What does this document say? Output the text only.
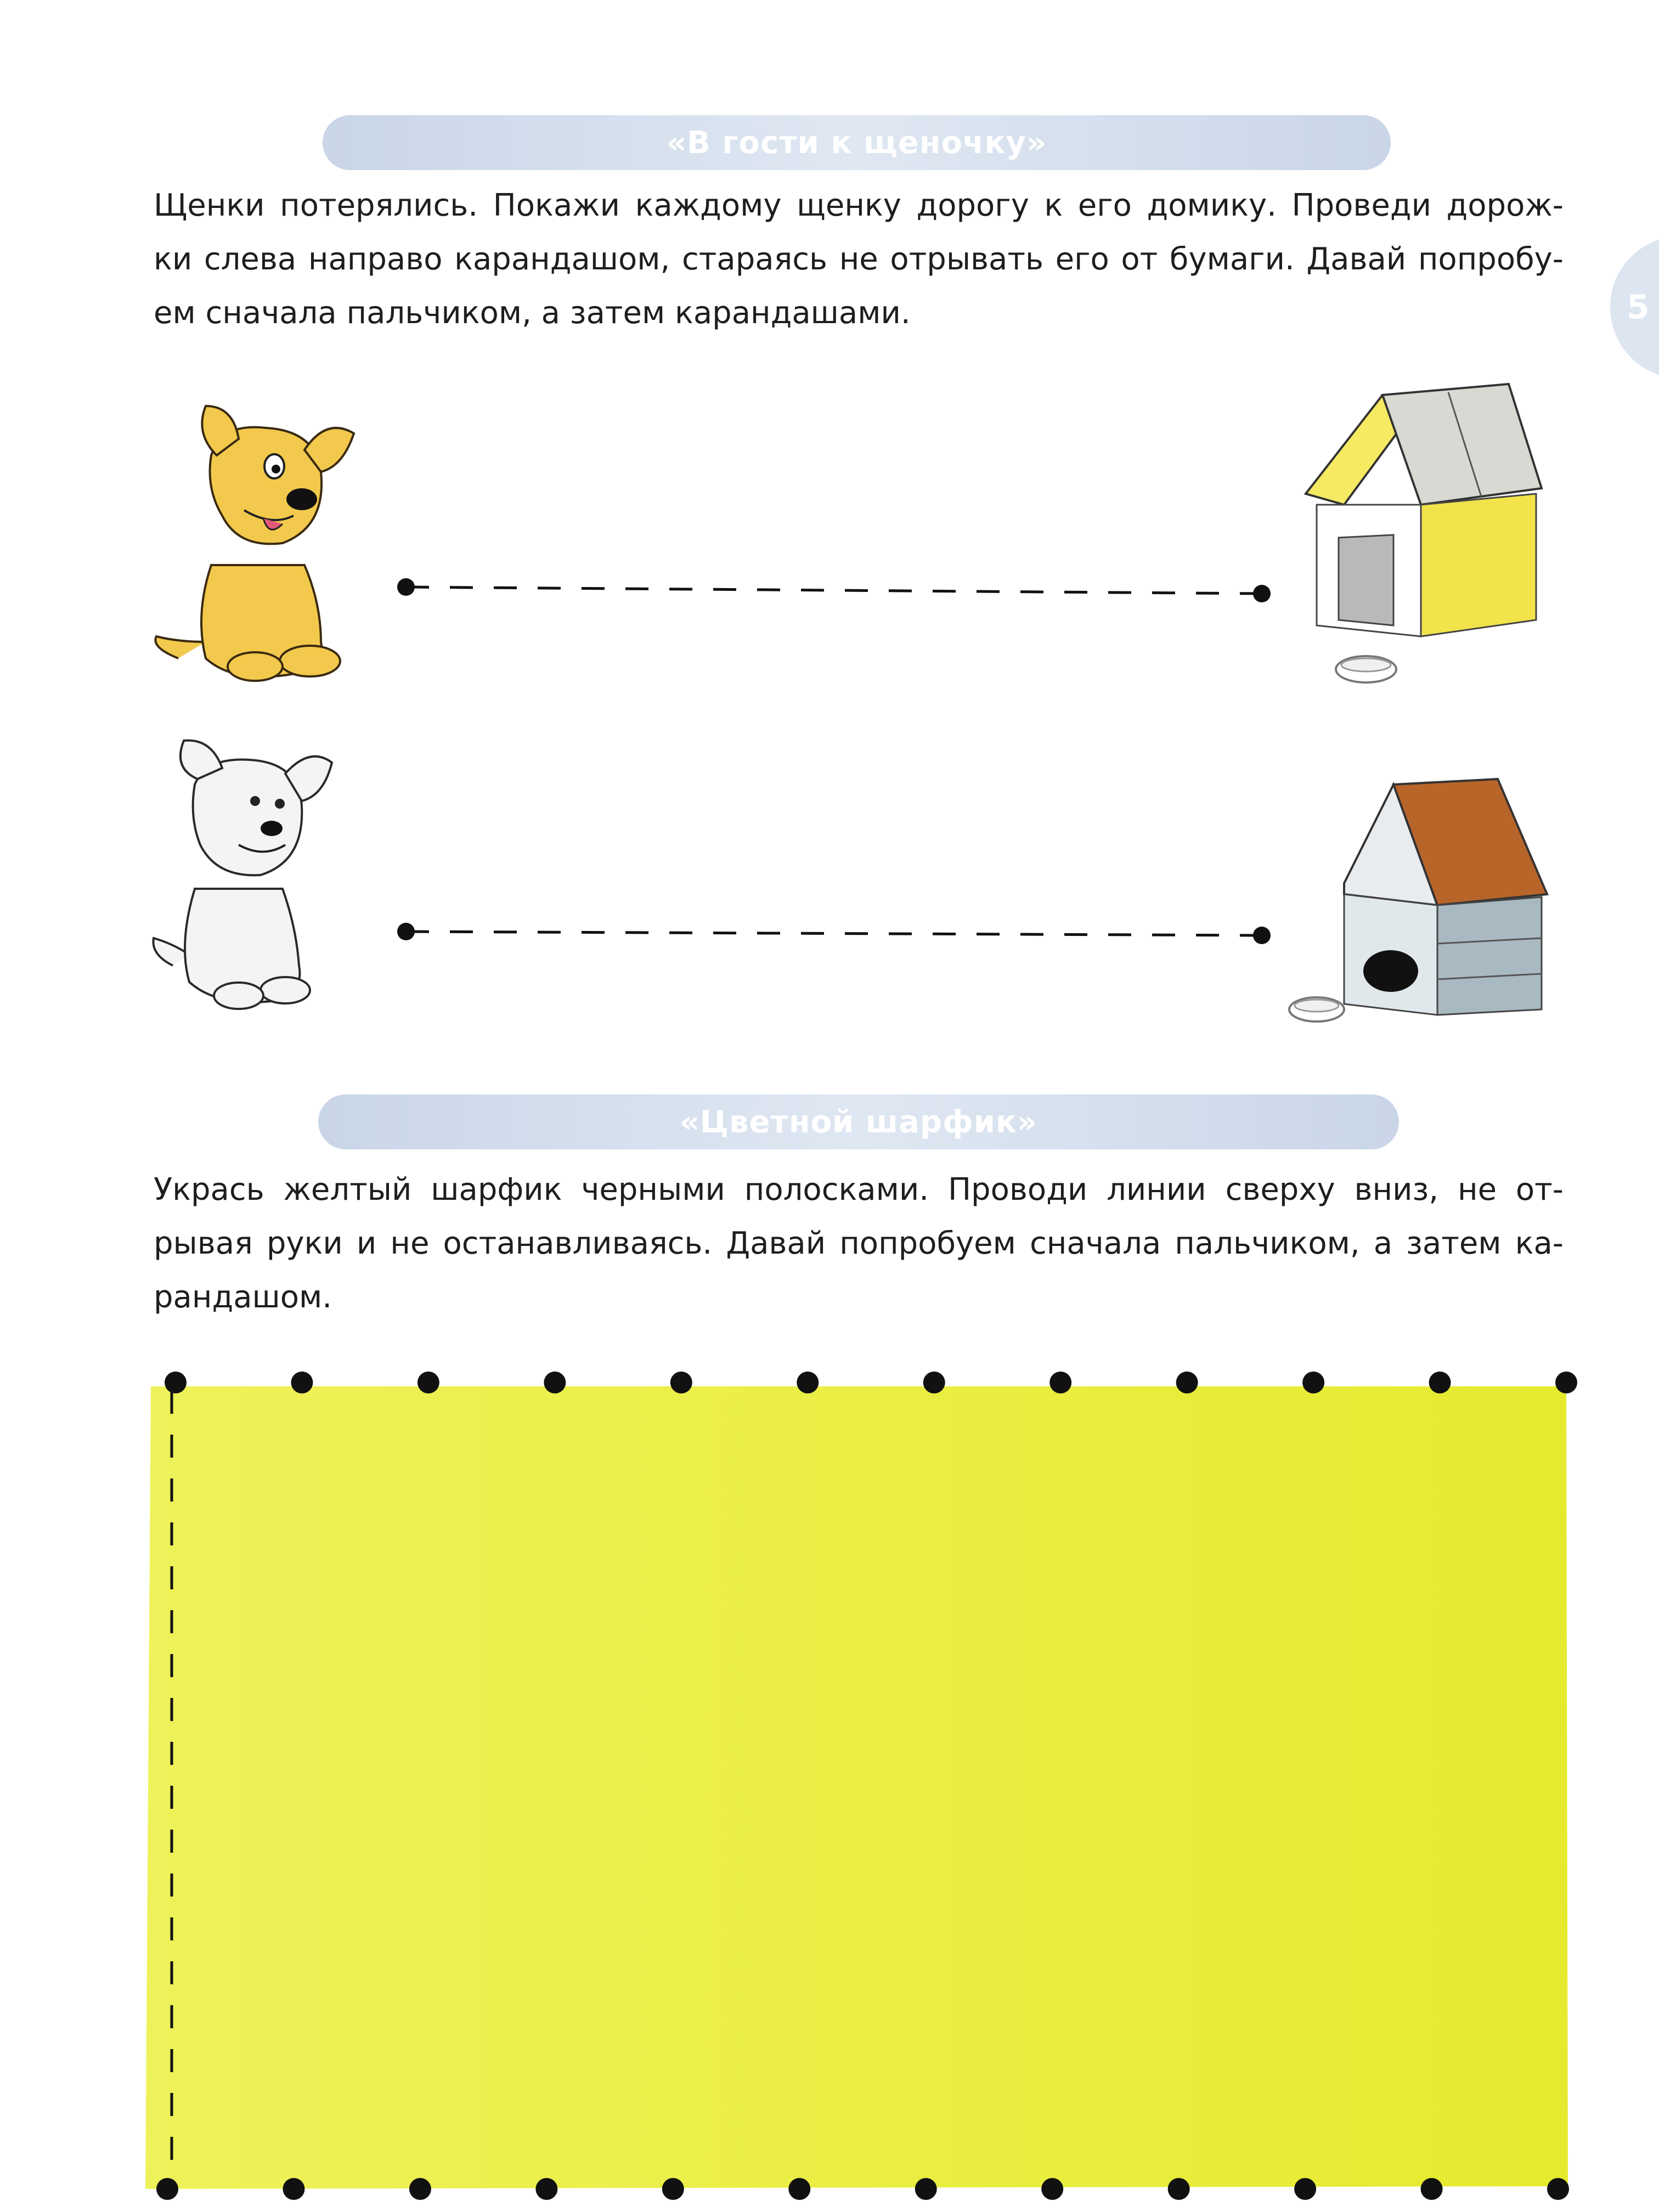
«В гости к щеночку»

Щенки потерялись. Покажи каждому щенку дорогу к его домику. Проведи дорож-
ки слева направо карандашом, стараясь не отрывать его от бумаги. Давай попробу-
ем сначала пальчиком, а затем карандашами.	5
«Цветной шарфик»

Укрась желтый шарфик черными полосками. Проводи линии сверху вниз, не от-
рывая руки и не останавливаясь. Давай попробуем сначала пальчиком, а затем ка-
рандашом.
